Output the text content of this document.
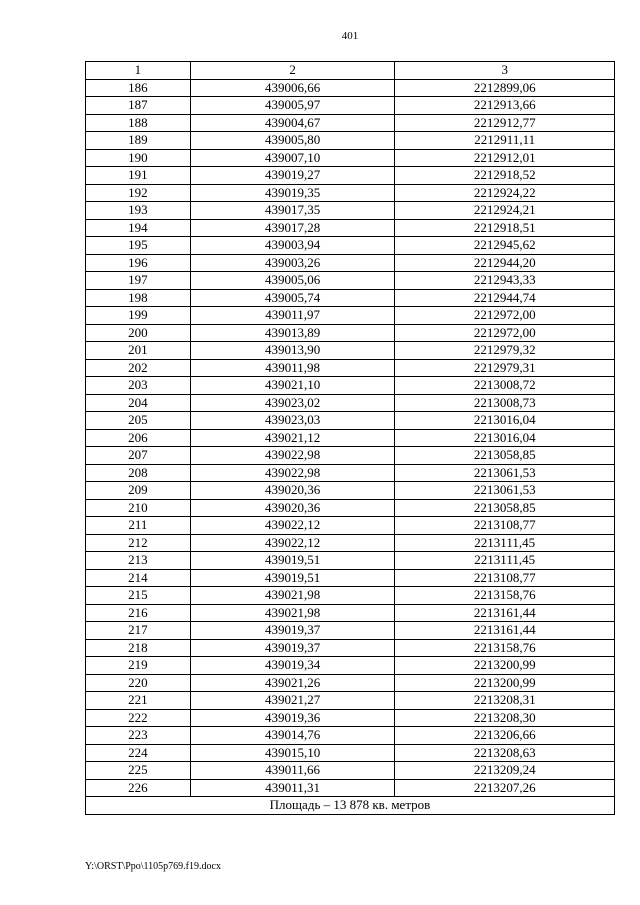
401
1	2	3
186	439006,66	2212899,06
187	439005,97	2212913,66
188	439004,67	2212912,77
189	439005,80	2212911,11
190	439007,10	2212912,01
191	439019,27	2212918,52
192	439019,35	2212924,22
193	439017,35	2212924,21
194	439017,28	2212918,51
195	439003,94	2212945,62
196	439003,26	2212944,20
197	439005,06	2212943,33
198	439005,74	2212944,74
199	439011,97	2212972,00
200	439013,89	2212972,00
201	439013,90	2212979,32
202	439011,98	2212979,31
203	439021,10	2213008,72
204	439023,02	2213008,73
205	439023,03	2213016,04
206	439021,12	2213016,04
207	439022,98	2213058,85
208	439022,98	2213061,53
209	439020,36	2213061,53
210	439020,36	2213058,85
211	439022,12	2213108,77
212	439022,12	2213111,45
213	439019,51	2213111,45
214	439019,51	2213108,77
215	439021,98	2213158,76
216	439021,98	2213161,44
217	439019,37	2213161,44
218	439019,37	2213158,76
219	439019,34	2213200,99
220	439021,26	2213200,99
221	439021,27	2213208,31
222	439019,36	2213208,30
223	439014,76	2213206,66
224	439015,10	2213208,63
225	439011,66	2213209,24
226	439011,31	2213207,26
Площадь – 13 878 кв. метров		
Y:\ORST\Ppo\1105p769.f19.docx
